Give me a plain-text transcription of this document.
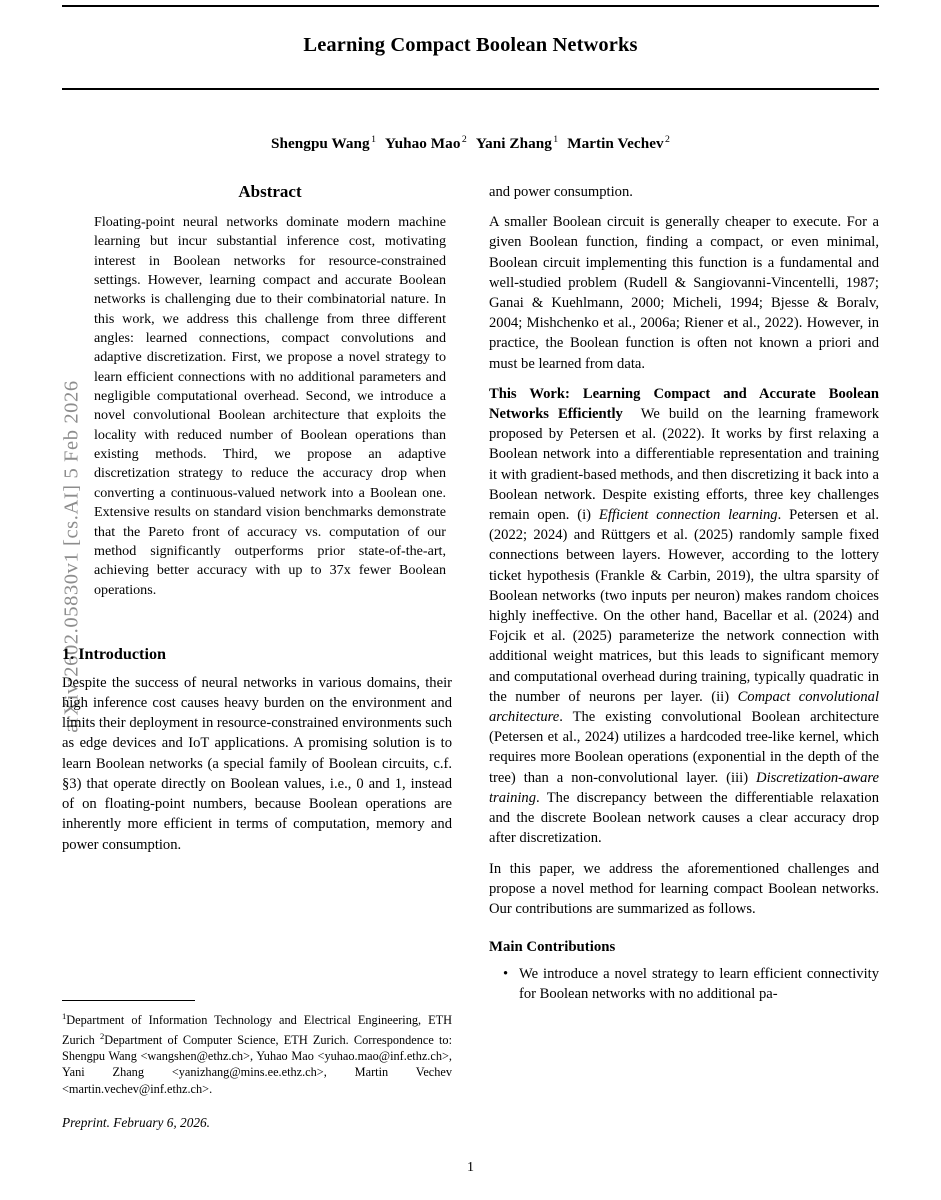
arXiv:2602.05830v1 [cs.AI] 5 Feb 2026
Learning Compact Boolean Networks
Shengpu Wang$^1$ Yuhao Mao$^2$ Yani Zhang$^1$ Martin Vechev$^2$
Abstract
Floating-point neural networks dominate modern machine learning but incur substantial inference cost, motivating interest in Boolean networks for resource-constrained settings. However, learning compact and accurate Boolean networks is challenging due to their combinatorial nature. In this work, we address this challenge from three different angles: learned connections, compact convolutions and adaptive discretization. First, we propose a novel strategy to learn efficient connections with no additional parameters and negligible computational overhead. Second, we introduce a novel convolutional Boolean architecture that exploits the locality with reduced number of Boolean operations than existing methods. Third, we propose an adaptive discretization strategy to reduce the accuracy drop when converting a continuous-valued network into a Boolean one. Extensive results on standard vision benchmarks demonstrate that the Pareto front of accuracy vs. computation of our method significantly outperforms prior state-of-the-art, achieving better accuracy with up to 37x fewer Boolean operations.
1. Introduction
Despite the success of neural networks in various domains, their high inference cost causes heavy burden on the environment and limits their deployment in resource-constrained environments such as edge devices and IoT applications. A promising solution is to learn Boolean networks (a special family of Boolean circuits, c.f. §3) that operate directly on Boolean values, i.e., 0 and 1, instead of on floating-point numbers, because Boolean operations are inherently more efficient in terms of computation, memory and power consumption.
$^1$Department of Information Technology and Electrical Engineering, ETH Zurich $^2$Department of Computer Science, ETH Zurich. Correspondence to: Shengpu Wang <wangshen@ethz.ch>, Yuhao Mao <yuhao.mao@inf.ethz.ch>, Yani Zhang <yanizhang@mins.ee.ethz.ch>, Martin Vechev <martin.vechev@inf.ethz.ch>.
Preprint. February 6, 2026.
and power consumption.
A smaller Boolean circuit is generally cheaper to execute. For a given Boolean function, finding a compact, or even minimal, Boolean circuit implementing this function is a fundamental and well-studied problem (Rudell & Sangiovanni-Vincentelli, 1987; Ganai & Kuehlmann, 2000; Micheli, 1994; Bjesse & Boralv, 2004; Mishchenko et al., 2006a; Riener et al., 2022). However, in practice, the Boolean function is often not known a priori and must be learned from data.
This Work: Learning Compact and Accurate Boolean Networks Efficiently We build on the learning framework proposed by Petersen et al. (2022). It works by first relaxing a Boolean network into a differentiable representation and training it with gradient-based methods, and then discretizing it back into a Boolean network. Despite existing efforts, three key challenges remain open. (i) Efficient connection learning. Petersen et al. (2022; 2024) and Rüttgers et al. (2025) randomly sample fixed connections between layers. However, according to the lottery ticket hypothesis (Frankle & Carbin, 2019), the ultra sparsity of Boolean networks (two inputs per neuron) makes random choices highly ineffective. On the other hand, Bacellar et al. (2024) and Fojcik et al. (2025) parameterize the network connection with additional weight matrices, but this leads to significant memory and computational overhead during training, typically quadratic in the number of neurons per layer. (ii) Compact convolutional architecture. The existing convolutional Boolean architecture (Petersen et al., 2024) utilizes a hardcoded tree-like kernel, which requires more Boolean operations (exponential in the depth of the tree) than a non-convolutional layer. (iii) Discretization-aware training. The discrepancy between the differentiable relaxation and the discrete Boolean network causes a clear accuracy drop after discretization.
In this paper, we address the aforementioned challenges and propose a novel method for learning compact Boolean networks. Our contributions are summarized as follows.
Main Contributions
• We introduce a novel strategy to learn efficient connectivity for Boolean networks with no additional pa-
1
